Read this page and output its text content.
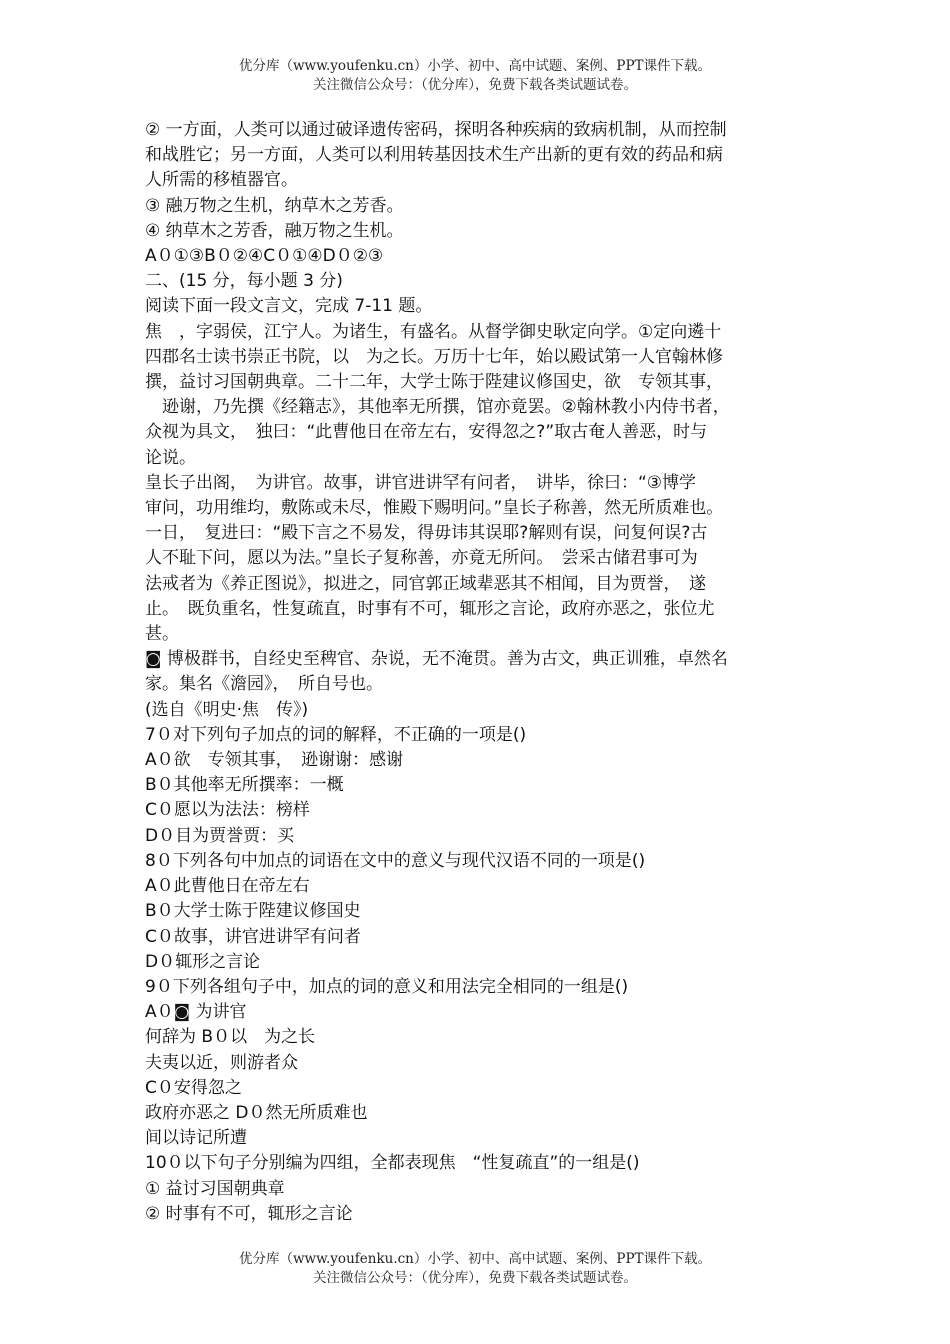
优分库（www.youfenku.cn）小学、初中、高中试题、案例、PPT课件下载。
关注微信公众号：（优分库），免费下载各类试题试卷。
② 一方面，人类可以通过破译遗传密码，探明各种疾病的致病机制，从而控制
和战胜它；另一方面，人类可以利用转基因技术生产出新的更有效的药品和病
人所需的移植器官。
③ 融万物之生机，纳草木之芳香。
④ 纳草木之芳香，融万物之生机。
A０①③B０②④C０①④D０②③
二、(15 分，每小题 3 分)
阅读下面一段文言文，完成 7-11 题。
焦　，字弱侯，江宁人。为诸生，有盛名。从督学御史耿定向学。①定向遴十
四郡名士读书崇正书院，以　为之长。万历十七年，始以殿试第一人官翰林修
撰，益讨习国朝典章。二十二年，大学士陈于陛建议修国史，欲　专领其事，
　逊谢，乃先撰《经籍志》，其他率无所撰，馆亦竟罢。②翰林教小内侍书者，
众视为具文，　独曰：“此曹他日在帝左右，安得忽之?”取古奄人善恶，时与
论说。
皇长子出阁，　为讲官。故事，讲官进讲罕有问者，　讲毕，徐曰：“③博学
审问，功用维均，敷陈或未尽，惟殿下赐明问。”皇长子称善，然无所质难也。
一日，　复进曰：“殿下言之不易发，得毋讳其误耶?解则有误，问复何误?古
人不耻下问，愿以为法。”皇长子复称善，亦竟无所问。　尝采古储君事可为
法戒者为《养正图说》，拟进之，同官郭正域辈恶其不相闻，目为贾誉，　遂
止。　既负重名，性复疏直，时事有不可，辄形之言论，政府亦恶之，张位尤
甚。
◙ 博极群书，自经史至稗官、杂说，无不淹贯。善为古文，典正训雅，卓然名
家。集名《澹园》，　所自号也。
(选自《明史·焦　传》)
7０对下列句子加点的词的解释，不正确的一项是()
A０欲　专领其事，　逊谢谢：感谢
B０其他率无所撰率：一概
C０愿以为法法：榜样
D０目为贾誉贾：买
8０下列各句中加点的词语在文中的意义与现代汉语不同的一项是()
A０此曹他日在帝左右
B０大学士陈于陛建议修国史
C０故事，讲官进讲罕有问者
D０辄形之言论
9０下列各组句子中，加点的词的意义和用法完全相同的一组是()
A０◙ 为讲官
何辞为 B０以　为之长
夫夷以近，则游者众
C０安得忽之
政府亦恶之 D０然无所质难也
间以诗记所遭
10０以下句子分别编为四组，全都表现焦　“性复疏直”的一组是()
① 益讨习国朝典章
② 时事有不可，辄形之言论
优分库（www.youfenku.cn）小学、初中、高中试题、案例、PPT课件下载。
关注微信公众号：（优分库），免费下载各类试题试卷。
